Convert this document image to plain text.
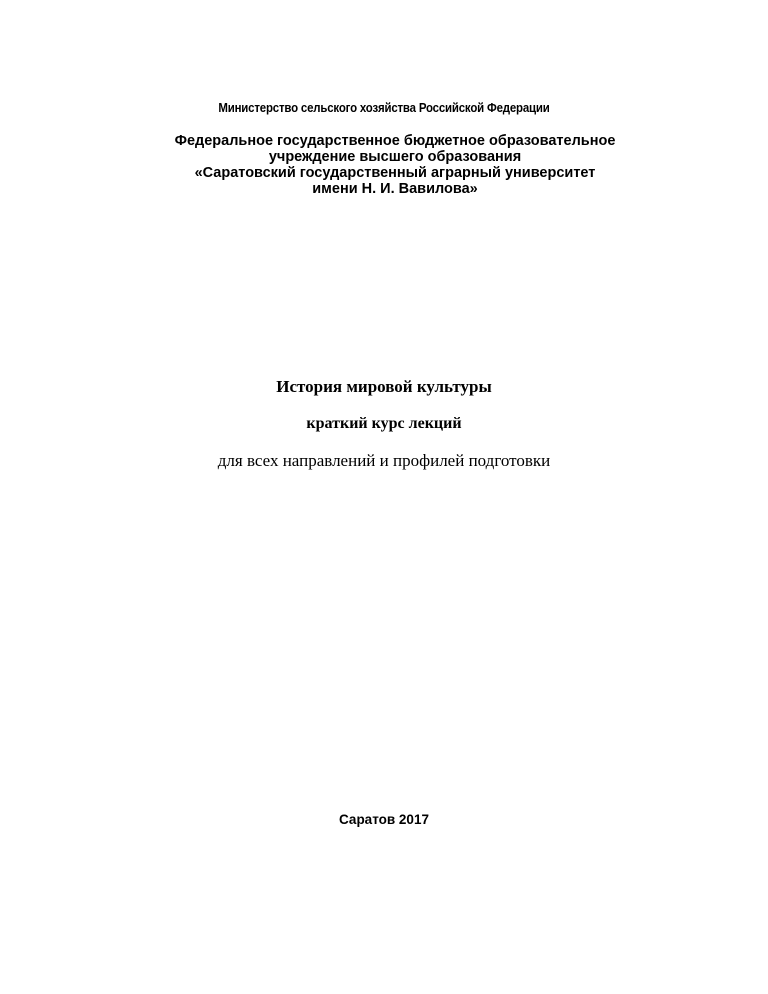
Министерство сельского хозяйства Российской Федерации
Федеральное государственное бюджетное образовательное
учреждение высшего образования
«Саратовский государственный аграрный университет
имени Н. И. Вавилова»
История мировой культуры
краткий курс лекций
для всех направлений и профилей подготовки
Саратов 2017
